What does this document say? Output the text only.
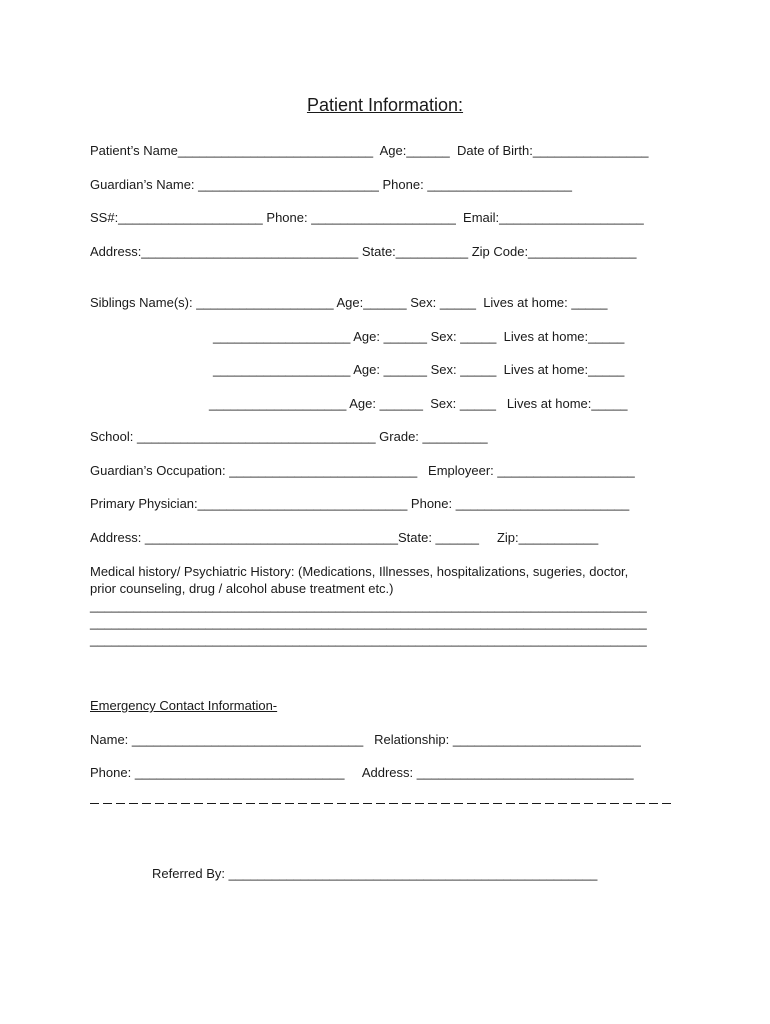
Patient Information:
Patient’s Name___________________________  Age:______  Date of Birth:________________
Guardian’s Name: _________________________ Phone: ____________________
SS#:____________________ Phone: ____________________  Email:____________________
Address:______________________________ State:__________ Zip Code:_______________
Siblings Name(s): ___________________ Age:______ Sex: _____  Lives at home: _____
___________________ Age: ______ Sex: _____  Lives at home:_____
___________________ Age: ______ Sex: _____  Lives at home:_____
___________________ Age: ______  Sex: _____   Lives at home:_____
School: _________________________________ Grade: _________
Guardian’s Occupation: __________________________   Employeer: ___________________
Primary Physician:_____________________________ Phone: ________________________
Address: ___________________________________State: ______     Zip:___________
Medical history/ Psychiatric History: (Medications, Illnesses, hospitalizations, sugeries, doctor,
prior counseling, drug / alcohol abuse treatment etc.)
_____________________________________________________________________________
_____________________________________________________________________________
_____________________________________________________________________________
Emergency Contact Information-
Name: ________________________________   Relationship: __________________________
Phone: _____________________________     Address: ______________________________
Referred By: ___________________________________________________
